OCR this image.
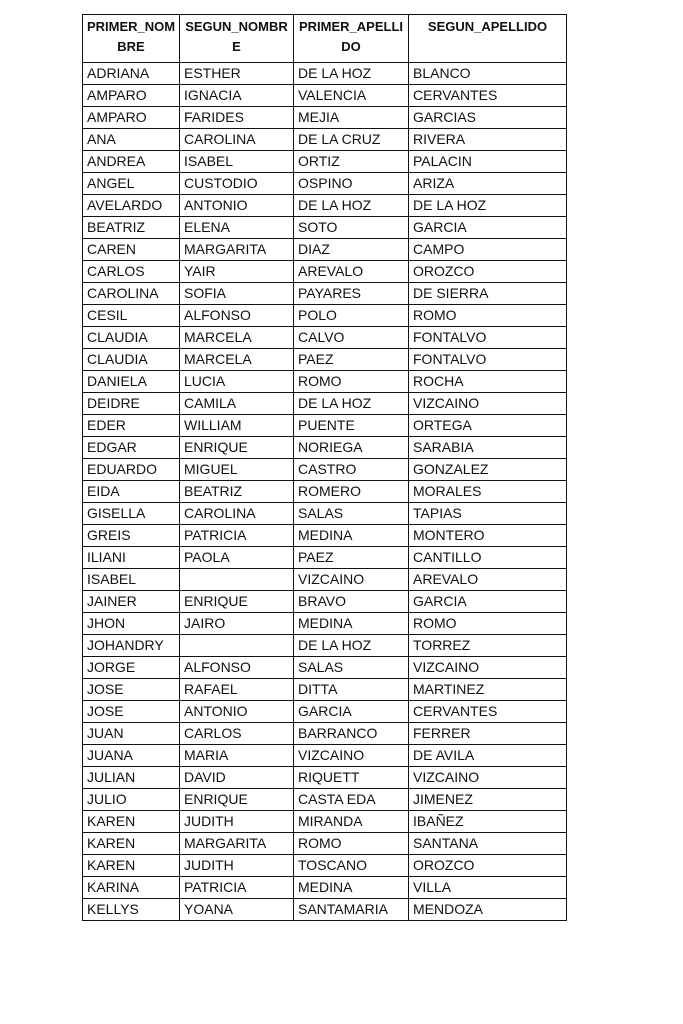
PRIMER_NOMBRE	SEGUN_NOMBRE	PRIMER_APELLIDO	SEGUN_APELLIDO
ADRIANA	ESTHER	DE LA HOZ	BLANCO
AMPARO	IGNACIA	VALENCIA	CERVANTES
AMPARO	FARIDES	MEJIA	GARCIAS
ANA	CAROLINA	DE LA CRUZ	RIVERA
ANDREA	ISABEL	ORTIZ	PALACIN
ANGEL	CUSTODIO	OSPINO	ARIZA
AVELARDO	ANTONIO	DE LA HOZ	DE LA HOZ
BEATRIZ	ELENA	SOTO	GARCIA
CAREN	MARGARITA	DIAZ	CAMPO
CARLOS	YAIR	AREVALO	OROZCO
CAROLINA	SOFIA	PAYARES	DE SIERRA
CESIL	ALFONSO	POLO	ROMO
CLAUDIA	MARCELA	CALVO	FONTALVO
CLAUDIA	MARCELA	PAEZ	FONTALVO
DANIELA	LUCIA	ROMO	ROCHA
DEIDRE	CAMILA	DE LA HOZ	VIZCAINO
EDER	WILLIAM	PUENTE	ORTEGA
EDGAR	ENRIQUE	NORIEGA	SARABIA
EDUARDO	MIGUEL	CASTRO	GONZALEZ
EIDA	BEATRIZ	ROMERO	MORALES
GISELLA	CAROLINA	SALAS	TAPIAS
GREIS	PATRICIA	MEDINA	MONTERO
ILIANI	PAOLA	PAEZ	CANTILLO
ISABEL		VIZCAINO	AREVALO
JAINER	ENRIQUE	BRAVO	GARCIA
JHON	JAIRO	MEDINA	ROMO
JOHANDRY		DE LA HOZ	TORREZ
JORGE	ALFONSO	SALAS	VIZCAINO
JOSE	RAFAEL	DITTA	MARTINEZ
JOSE	ANTONIO	GARCIA	CERVANTES
JUAN	CARLOS	BARRANCO	FERRER
JUANA	MARIA	VIZCAINO	DE AVILA
JULIAN	DAVID	RIQUETT	VIZCAINO
JULIO	ENRIQUE	CASTA EDA	JIMENEZ
KAREN	JUDITH	MIRANDA	IBAÑEZ
KAREN	MARGARITA	ROMO	SANTANA
KAREN	JUDITH	TOSCANO	OROZCO
KARINA	PATRICIA	MEDINA	VILLA
KELLYS	YOANA	SANTAMARIA	MENDOZA
